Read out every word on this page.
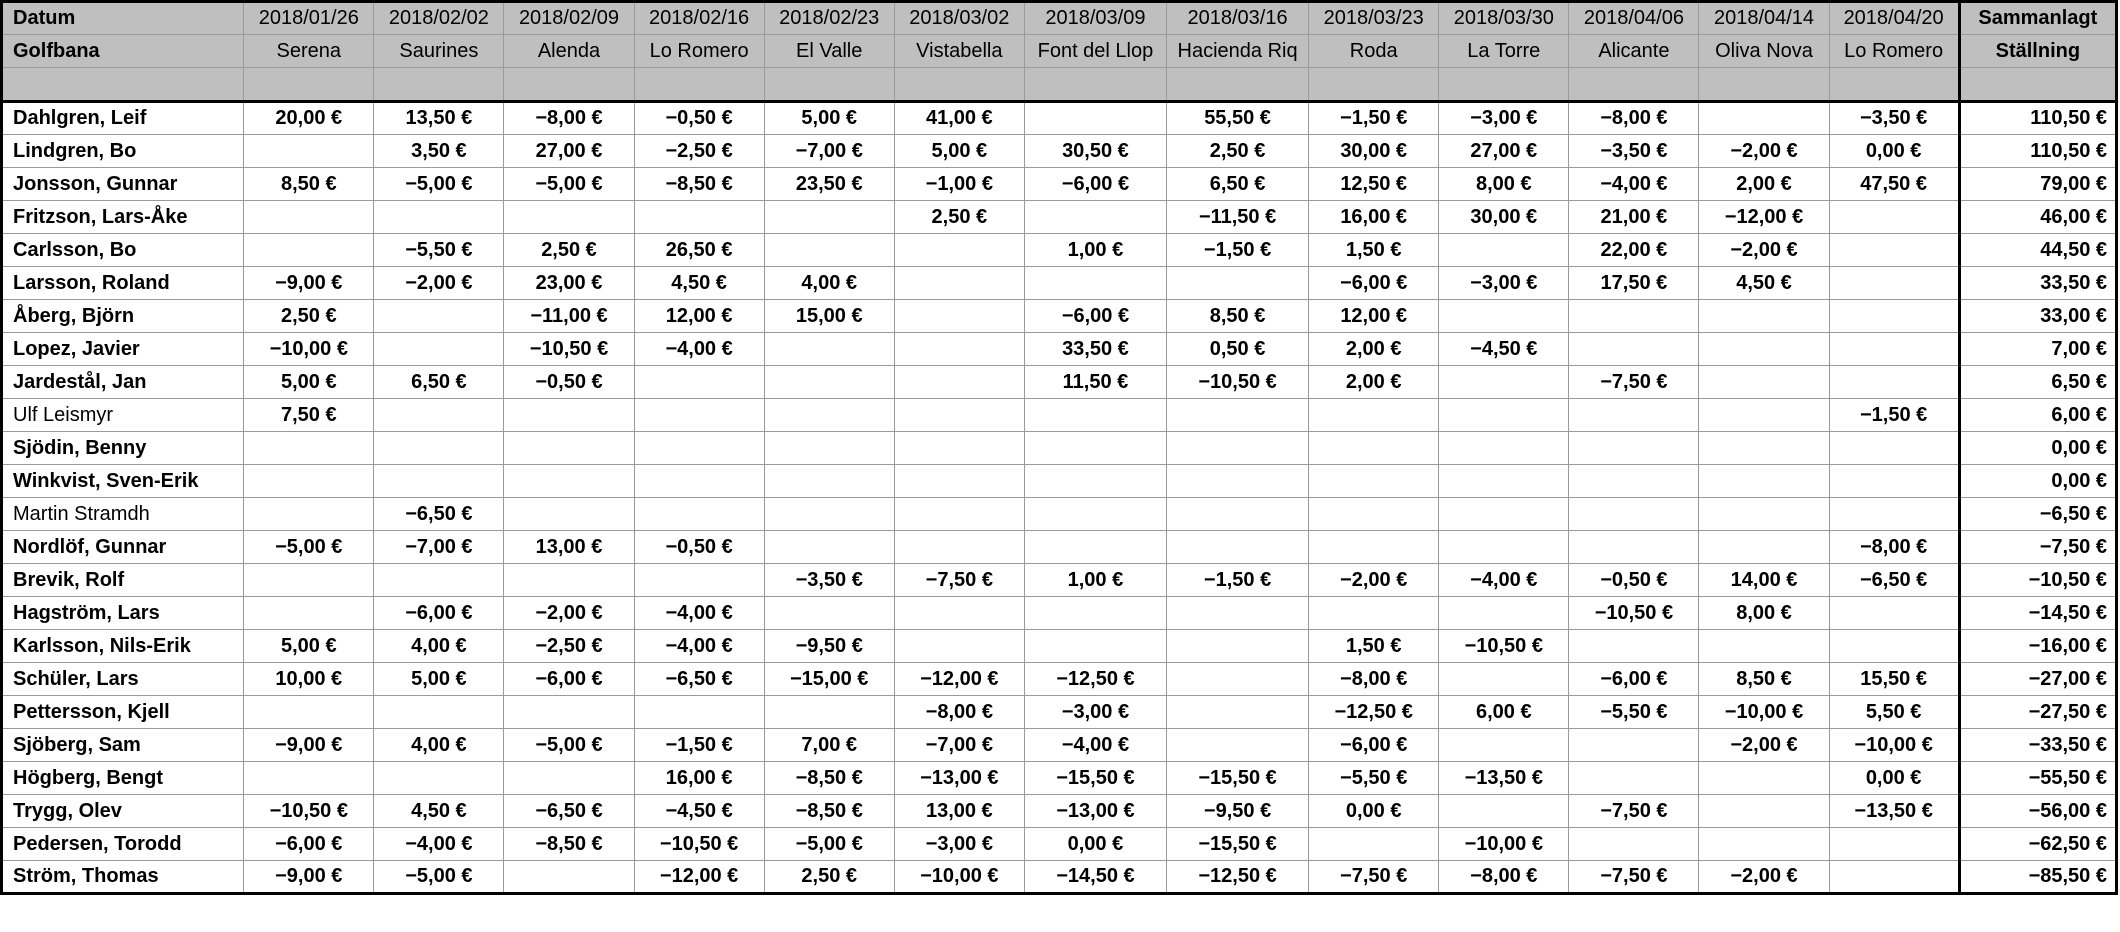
Datum	2018/01/26	2018/02/02	2018/02/09	2018/02/16	2018/02/23	2018/03/02	2018/03/09	2018/03/16	2018/03/23	2018/03/30	2018/04/06	2018/04/14	2018/04/20	Sammanlagt
Golfbana	Serena	Saurines	Alenda	Lo Romero	El Valle	Vistabella	Font del Llop	Hacienda Riq	Roda	La Torre	Alicante	Oliva Nova	Lo Romero	Ställning

Dahlgren, Leif	20,00 €	13,50 €	−8,00 €	−0,50 €	5,00 €	41,00 €		55,50 €	−1,50 €	−3,00 €	−8,00 €		−3,50 €	110,50 €
Lindgren, Bo		3,50 €	27,00 €	−2,50 €	−7,00 €	5,00 €	30,50 €	2,50 €	30,00 €	27,00 €	−3,50 €	−2,00 €	0,00 €	110,50 €
Jonsson, Gunnar	8,50 €	−5,00 €	−5,00 €	−8,50 €	23,50 €	−1,00 €	−6,00 €	6,50 €	12,50 €	8,00 €	−4,00 €	2,00 €	47,50 €	79,00 €
Fritzson, Lars-Åke						2,50 €		−11,50 €	16,00 €	30,00 €	21,00 €	−12,00 €		46,00 €
Carlsson, Bo		−5,50 €	2,50 €	26,50 €			1,00 €	−1,50 €	1,50 €		22,00 €	−2,00 €		44,50 €
Larsson, Roland	−9,00 €	−2,00 €	23,00 €	4,50 €	4,00 €				−6,00 €	−3,00 €	17,50 €	4,50 €		33,50 €
Åberg, Björn	2,50 €		−11,00 €	12,00 €	15,00 €		−6,00 €	8,50 €	12,00 €					33,00 €
Lopez, Javier	−10,00 €		−10,50 €	−4,00 €			33,50 €	0,50 €	2,00 €	−4,50 €				7,00 €
Jardestål, Jan	5,00 €	6,50 €	−0,50 €				11,50 €	−10,50 €	2,00 €		−7,50 €			6,50 €
Ulf Leismyr	7,50 €												−1,50 €	6,00 €
Sjödin, Benny														0,00 €
Winkvist, Sven-Erik														0,00 €
Martin Stramdh		−6,50 €												−6,50 €
Nordlöf, Gunnar	−5,00 €	−7,00 €	13,00 €	−0,50 €									−8,00 €	−7,50 €
Brevik, Rolf					−3,50 €	−7,50 €	1,00 €	−1,50 €	−2,00 €	−4,00 €	−0,50 €	14,00 €	−6,50 €	−10,50 €
Hagström, Lars		−6,00 €	−2,00 €	−4,00 €							−10,50 €	8,00 €		−14,50 €
Karlsson, Nils-Erik	5,00 €	4,00 €	−2,50 €	−4,00 €	−9,50 €				1,50 €	−10,50 €				−16,00 €
Schüler, Lars	10,00 €	5,00 €	−6,00 €	−6,50 €	−15,00 €	−12,00 €	−12,50 €		−8,00 €		−6,00 €	8,50 €	15,50 €	−27,00 €
Pettersson, Kjell						−8,00 €	−3,00 €		−12,50 €	6,00 €	−5,50 €	−10,00 €	5,50 €	−27,50 €
Sjöberg, Sam	−9,00 €	4,00 €	−5,00 €	−1,50 €	7,00 €	−7,00 €	−4,00 €		−6,00 €			−2,00 €	−10,00 €	−33,50 €
Högberg, Bengt				16,00 €	−8,50 €	−13,00 €	−15,50 €	−15,50 €	−5,50 €	−13,50 €			0,00 €	−55,50 €
Trygg, Olev	−10,50 €	4,50 €	−6,50 €	−4,50 €	−8,50 €	13,00 €	−13,00 €	−9,50 €	0,00 €		−7,50 €		−13,50 €	−56,00 €
Pedersen, Torodd	−6,00 €	−4,00 €	−8,50 €	−10,50 €	−5,00 €	−3,00 €	0,00 €	−15,50 €		−10,00 €				−62,50 €
Ström, Thomas	−9,00 €	−5,00 €		−12,00 €	2,50 €	−10,00 €	−14,50 €	−12,50 €	−7,50 €	−8,00 €	−7,50 €	−2,00 €		−85,50 €
